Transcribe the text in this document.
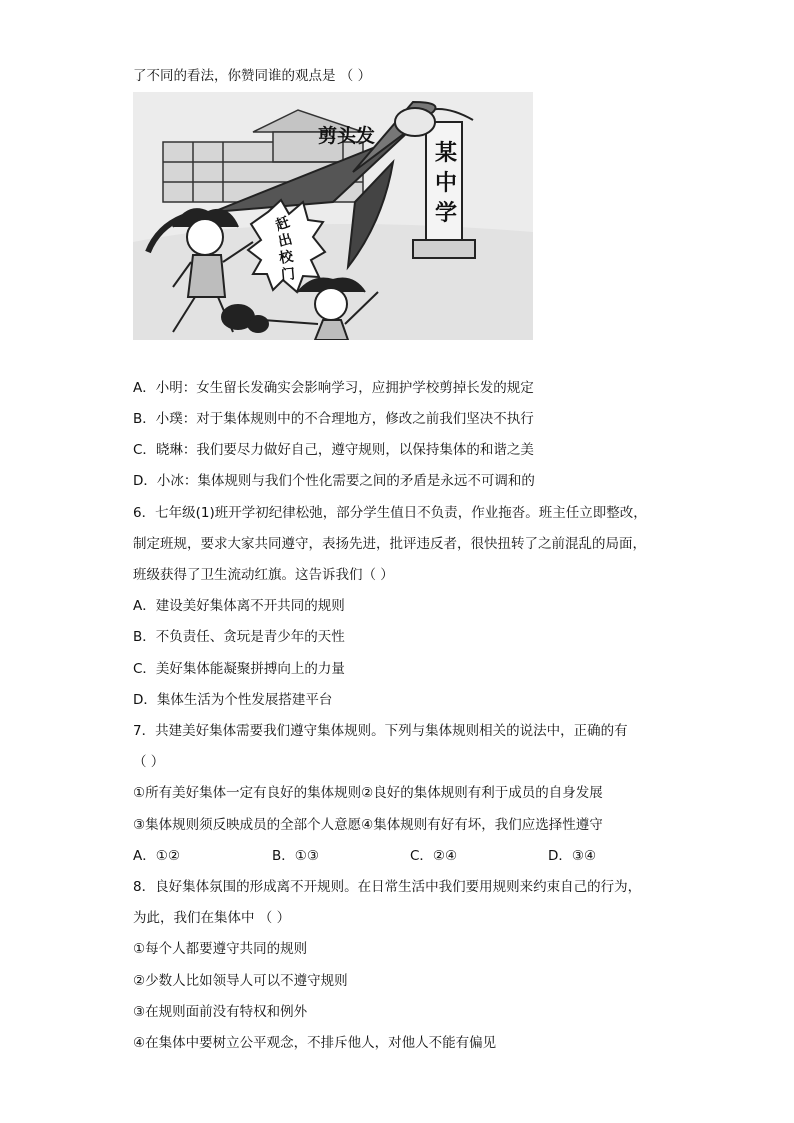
了不同的看法，你赞同谁的观点是 （ ）
某
中
学
剪头发
赶
出
校
门
A．小明：女生留长发确实会影响学习，应拥护学校剪掉长发的规定
B．小璞：对于集体规则中的不合理地方，修改之前我们坚决不执行
C．晓琳：我们要尽力做好自己，遵守规则，以保持集体的和谐之美
D．小冰：集体规则与我们个性化需要之间的矛盾是永远不可调和的
6．七年级(1)班开学初纪律松弛，部分学生值日不负责，作业拖沓。班主任立即整改，
制定班规，要求大家共同遵守，表扬先进，批评违反者，很快扭转了之前混乱的局面，
班级获得了卫生流动红旗。这告诉我们（ ）
A．建设美好集体离不开共同的规则
B．不负责任、贪玩是青少年的天性
C．美好集体能凝聚拼搏向上的力量
D．集体生活为个性发展搭建平台
7．共建美好集体需要我们遵守集体规则。下列与集体规则相关的说法中，正确的有
（ ）
①所有美好集体一定有良好的集体规则②良好的集体规则有利于成员的自身发展
③集体规则须反映成员的全部个人意愿④集体规则有好有坏，我们应选择性遵守
A．①②	B．①③	C．②④	D．③④
8．良好集体氛围的形成离不开规则。在日常生活中我们要用规则来约束自己的行为，
为此，我们在集体中 （ ）
①每个人都要遵守共同的规则
②少数人比如领导人可以不遵守规则
③在规则面前没有特权和例外
④在集体中要树立公平观念，不排斥他人，对他人不能有偏见
